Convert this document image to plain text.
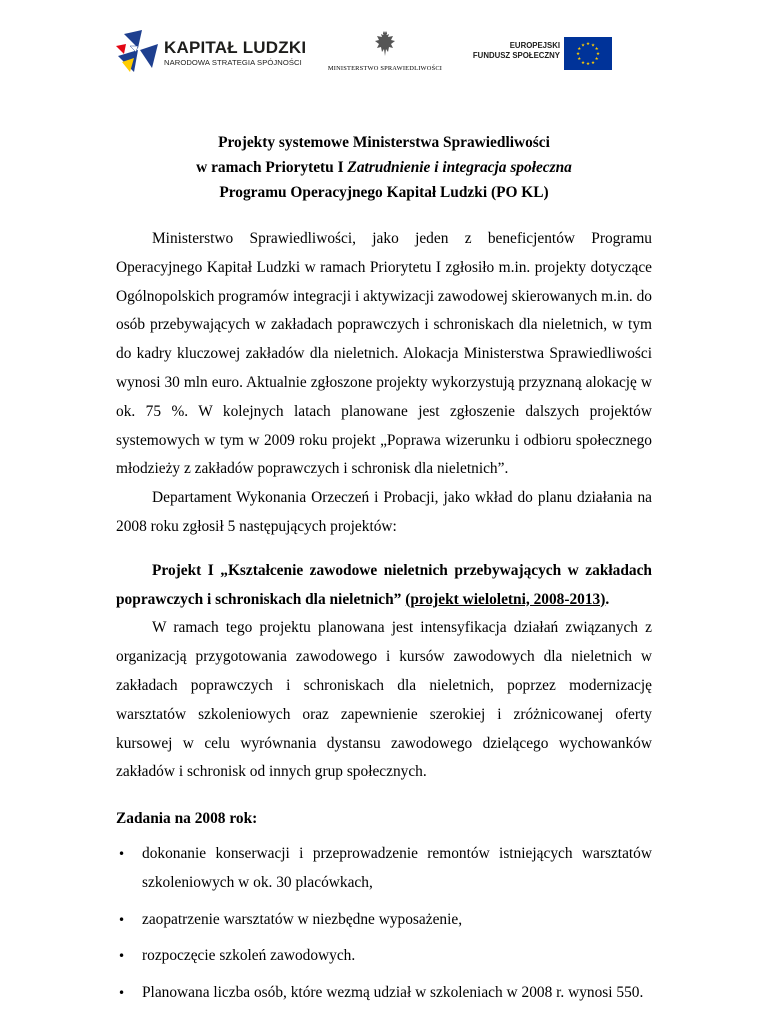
KAPITAŁ LUDZKI
NARODOWA STRATEGIA SPÓJNOŚCI
MINISTERSTWO SPRAWIEDLIWOŚCI
EUROPEJSKI
FUNDUSZ SPOŁECZNY	★
★
★
★
★
★
★
★
★ ★ ★
★

Projekty systemowe Ministerstwa Sprawiedliwości

w ramach Priorytetu I Zatrudnienie i integracja społeczna

Programu Operacyjnego Kapitał Ludzki (PO KL)

Ministerstwo Sprawiedliwości, jako jeden z beneficjentów Programu Operacyjnego Kapitał Ludzki w ramach Priorytetu I zgłosiło m.in. projekty dotyczące Ogólnopolskich programów integracji i aktywizacji zawodowej skierowanych m.in. do osób przebywających w zakładach poprawczych i schroniskach dla nieletnich, w tym do kadry kluczowej zakładów dla nieletnich. Alokacja Ministerstwa Sprawiedliwości wynosi 30 mln euro. Aktualnie zgłoszone projekty wykorzystują przyznaną alokację w ok. 75 %. W kolejnych latach planowane jest zgłoszenie dalszych projektów systemowych w tym w 2009 roku projekt „Poprawa wizerunku i odbioru społecznego młodzieży z zakładów poprawczych i schronisk dla nieletnich”.

Departament Wykonania Orzeczeń i Probacji, jako wkład do planu działania na 2008 roku zgłosił 5 następujących projektów:

Projekt I „Kształcenie zawodowe nieletnich przebywających w zakładach poprawczych i schroniskach dla nieletnich” (projekt wieloletni, 2008-2013).

W ramach tego projektu planowana jest intensyfikacja działań związanych z organizacją przygotowania zawodowego i kursów zawodowych dla nieletnich w zakładach poprawczych i schroniskach dla nieletnich, poprzez modernizację warsztatów szkoleniowych oraz zapewnienie szerokiej i zróżnicowanej oferty kursowej w celu wyrównania dystansu zawodowego dzielącego wychowanków zakładów i schronisk od innych grup społecznych.

Zadania na 2008 rok:

• dokonanie konserwacji i przeprowadzenie remontów istniejących warsztatów szkoleniowych w ok. 30 placówkach,
• zaopatrzenie warsztatów w niezbędne wyposażenie,
• rozpoczęcie szkoleń zawodowych.
• Planowana liczba osób, które wezmą udział w szkoleniach w 2008 r. wynosi 550.
